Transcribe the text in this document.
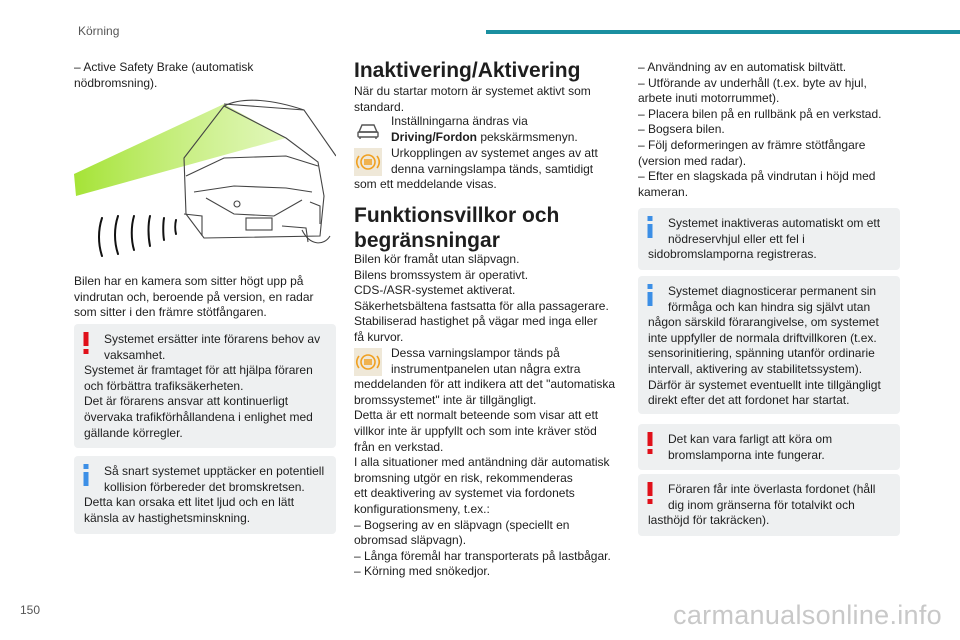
Körning
– Active Safety Brake (automatisk
nödbromsning).
Bilen har en kamera som sitter högt upp på
vindrutan och, beroende på version, en radar
som sitter i den främre stötfångaren.
Systemet ersätter inte förarens behov av
vaksamhet.
Systemet är framtaget för att hjälpa föraren
och förbättra trafiksäkerheten.
Det är förarens ansvar att kontinuerligt
övervaka trafikförhållandena i enlighet med
gällande körregler.
Så snart systemet upptäcker en potentiell
kollision förbereder det bromskretsen.
Detta kan orsaka ett litet ljud och en lätt
känsla av hastighetsminskning.
Inaktivering/Aktivering
När du startar motorn är systemet aktivt som
standard.
Inställningarna ändras via
Driving/Fordon pekskärmsmenyn.
Urkopplingen av systemet anges av att
denna varningslampa tänds, samtidigt
som ett meddelande visas.
Funktionsvillkor och
begränsningar
Bilen kör framåt utan släpvagn.
Bilens bromssystem är operativt.
CDS-/ASR-systemet aktiverat.
Säkerhetsbältena fastsatta för alla passagerare.
Stabiliserad hastighet på vägar med inga eller
få kurvor.
Dessa varningslampor tänds på
instrumentpanelen utan några extra
meddelanden för att indikera att det "automatiska
bromssystemet" inte är tillgängligt.
Detta är ett normalt beteende som visar att ett
villkor inte är uppfyllt och som inte kräver stöd
från en verkstad.
I alla situationer med antändning där automatisk
bromsning utgör en risk, rekommenderas
ett deaktivering av systemet via fordonets
konfigurationsmeny, t.ex.:
– Bogsering av en släpvagn (speciellt en
obromsad släpvagn).
– Långa föremål har transporterats på lastbågar.
– Körning med snökedjor.
– Användning av en automatisk biltvätt.
– Utförande av underhåll (t.ex. byte av hjul,
arbete inuti motorrummet).
– Placera bilen på en rullbänk på en verkstad.
– Bogsera bilen.
– Följ deformeringen av främre stötfångare
(version med radar).
– Efter en slagskada på vindrutan i höjd med
kameran.
Systemet inaktiveras automatiskt om ett
nödreservhjul eller ett fel i
sidobromslamporna registreras.
Systemet diagnosticerar permanent sin
förmåga och kan hindra sig självt utan
någon särskild förarangivelse, om systemet
inte uppfyller de normala driftvillkoren (t.ex.
sensorinitiering, spänning utanför ordinarie
intervall, aktivering av stabilitetssystem).
Därför är systemet eventuellt inte tillgängligt
direkt efter det att fordonet har startat.
Det kan vara farligt att köra om
bromslamporna inte fungerar.
Föraren får inte överlasta fordonet (håll
dig inom gränserna för totalvikt och
lasthöjd för takräcken).
150	carmanualsonline.info
